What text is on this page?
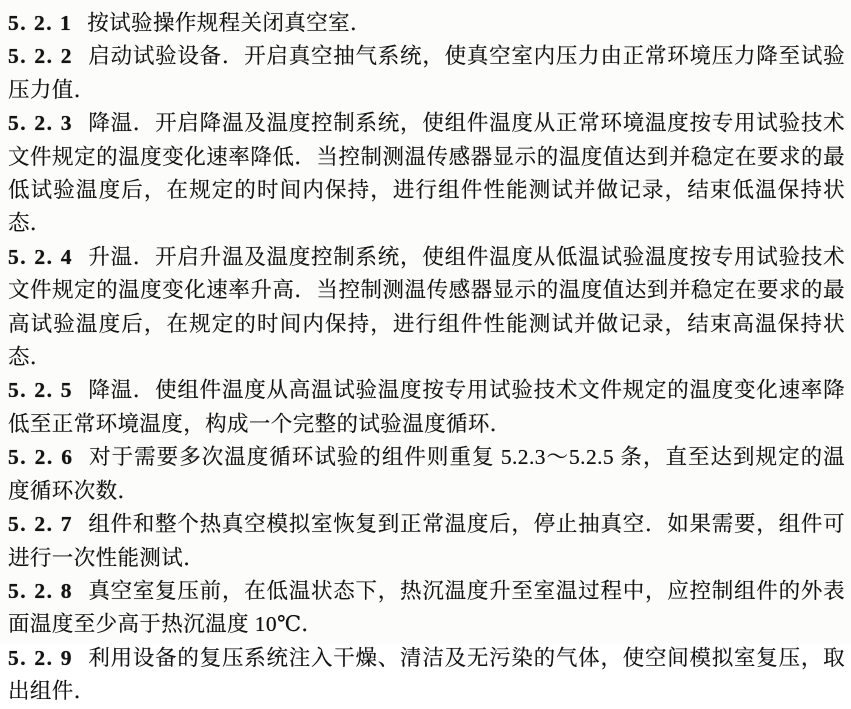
5. 2. 1 按试验操作规程关闭真空室．

5. 2. 2 启动试验设备．开启真空抽气系统，使真空室内压力由正常环境压力降至试验压力值．

5. 2. 3 降温．开启降温及温度控制系统，使组件温度从正常环境温度按专用试验技术文件规定的温度变化速率降低．当控制测温传感器显示的温度值达到并稳定在要求的最低试验温度后，在规定的时间内保持，进行组件性能测试并做记录，结束低温保持状态．

5. 2. 4 升温．开启升温及温度控制系统，使组件温度从低温试验温度按专用试验技术文件规定的温度变化速率升高．当控制测温传感器显示的温度值达到并稳定在要求的最高试验温度后，在规定的时间内保持，进行组件性能测试并做记录，结束高温保持状态．

5. 2. 5 降温．使组件温度从高温试验温度按专用试验技术文件规定的温度变化速率降低至正常环境温度，构成一个完整的试验温度循环．

5. 2. 6 对于需要多次温度循环试验的组件则重复 5.2.3～5.2.5 条，直至达到规定的温度循环次数．

5. 2. 7 组件和整个热真空模拟室恢复到正常温度后，停止抽真空．如果需要，组件可进行一次性能测试．

5. 2. 8 真空室复压前，在低温状态下，热沉温度升至室温过程中，应控制组件的外表面温度至少高于热沉温度 10℃．

5. 2. 9 利用设备的复压系统注入干燥、清洁及无污染的气体，使空间模拟室复压，取出组件．
